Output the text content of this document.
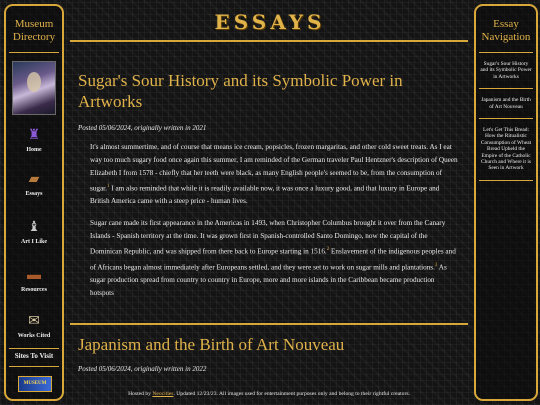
Museum Directory
♜
Home
▰
Essays
♝
Art I Like
▬
Resources
✉
Works Cited
Sites To Visit
MUSEUM
ESSAYS
Sugar's Sour History and its Symbolic Power in Artworks
Posted 05/06/2024, originally written in 2021

It's almost summertime, and of course that means ice cream, popsicles, frozen margaritas, and other cold sweet treats. As I eat way too much sugary food once again this summer, I am reminded of the German traveler Paul Hentzner's description of Queen Elizabeth I from 1578 - chiefly that her teeth were black, as many English people's seemed to be, from the consumption of sugar.$^1$ I am also reminded that while it is readily available now, it was once a luxury good, and that luxury in Europe and British America came with a steep price - human lives.

Sugar cane made its first appearance in the Americas in 1493, when Christopher Columbus brought it over from the Canary Islands - Spanish territory at the time. It was grown first in Spanish-controlled Santo Domingo, now the capital of the Dominican Republic, and was shipped from there back to Europe starting in 1516.$^2$ Enslavement of the indigenous peoples and of Africans began almost immediately after Europeans settled, and they were set to work on sugar mills and plantations.$^3$ As sugar production spread from country to country in Europe, more and more islands in the Caribbean became production hotspots

Japanism and the Birth of Art Nouveau
Posted 05/06/2024, originally written in 2022
Hosted by Neocities. Updated 12/23/23. All images used for entertainment purposes only and belong to their rightful creators.
Essay Navigation
Sugar's Sour History and its Symbolic Power in Artworks
Japanism and the Birth of Art Nouveau
Let's Get This Bread: How the Ritualistic Consumption of Wheat Bread Upheld the Empire of the Catholic Church and Where it is Seen in Artwork
